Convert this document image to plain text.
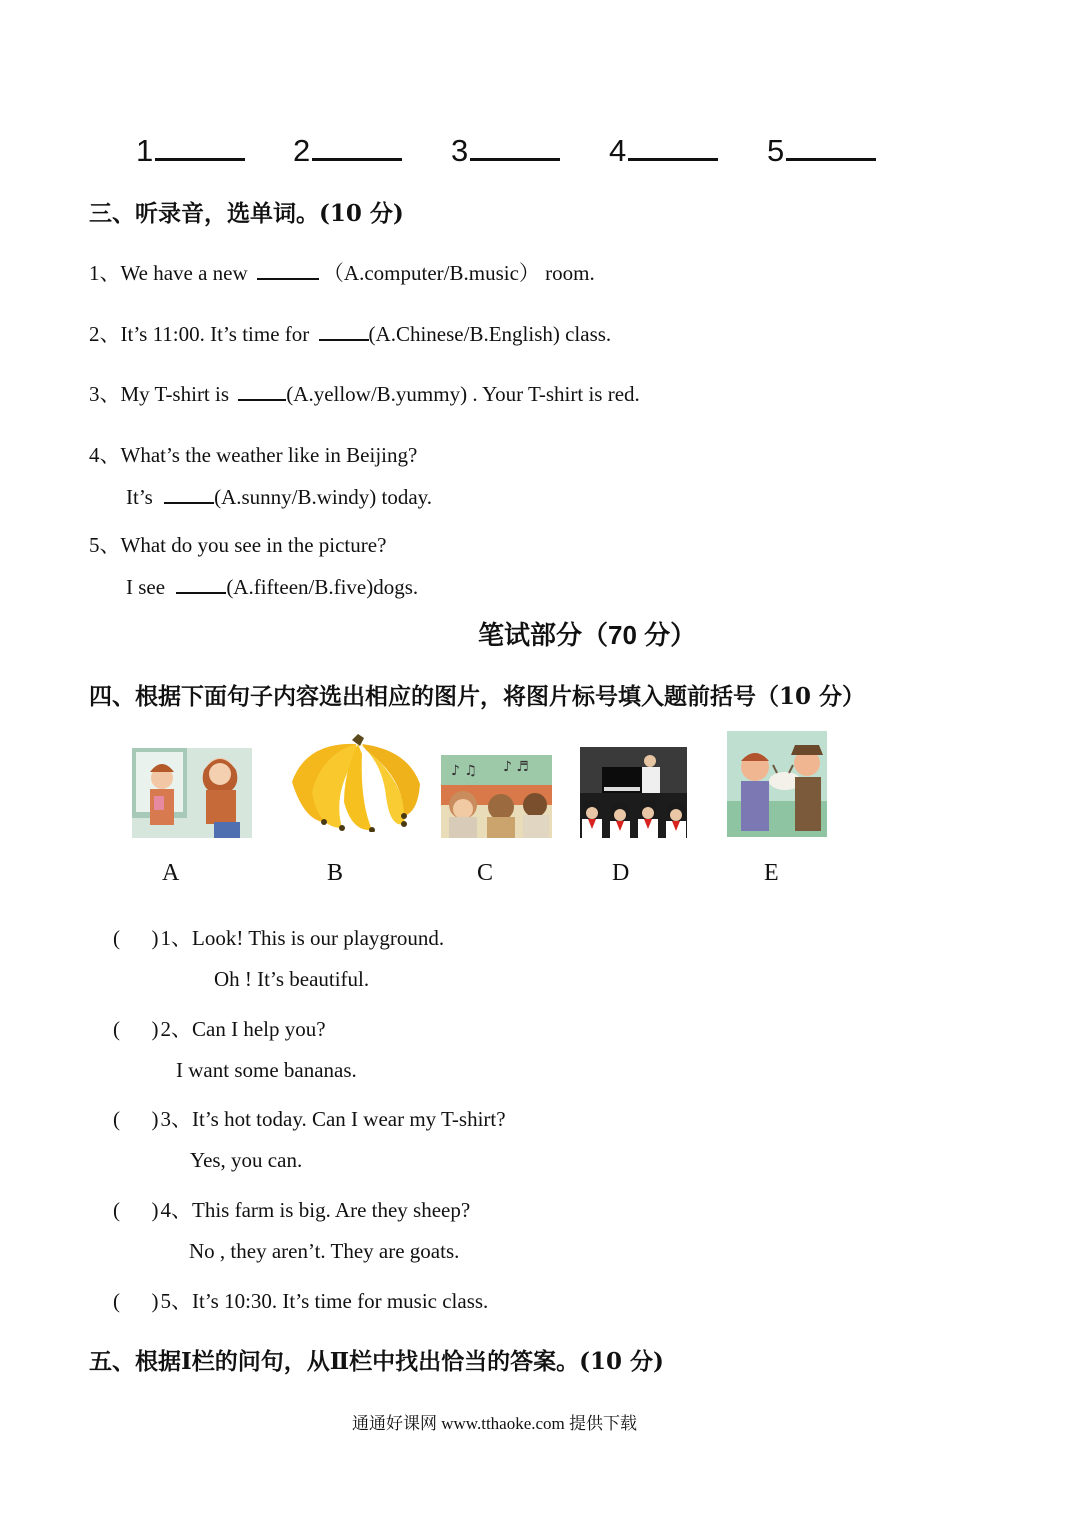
1	2	3	4	5
三、听录音，选单词。(10 分)
1、We have a new	（A.computer/B.music） room.
2、It’s 11:00. It’s time for	(A.Chinese/B.English) class.
3、My T-shirt is	(A.yellow/B.yummy) . Your T-shirt is red.
4、What’s the weather like in Beijing?
It’s	(A.sunny/B.windy) today.
5、What do you see in the picture?
I see	(A.fifteen/B.five)dogs.
笔试部分（70 分）
四、根据下面句子内容选出相应的图片，将图片标号填入题前括号（10 分）
♪ ♫ ♪ ♬
A	B	C	D	E
(      )1、Look! This is our playground.
Oh ! It’s beautiful.
(      )2、Can I help you?
I want some bananas.
(      )3、It’s hot today. Can I wear my T-shirt?
Yes, you can.
(      )4、This farm is big. Are they sheep?
No , they aren’t. They are goats.
(      )5、It’s 10:30. It’s time for music class.
五、根据Ⅰ栏的问句，从Ⅱ栏中找出恰当的答案。(10 分)
通通好课网 www.tthaoke.com 提供下载
